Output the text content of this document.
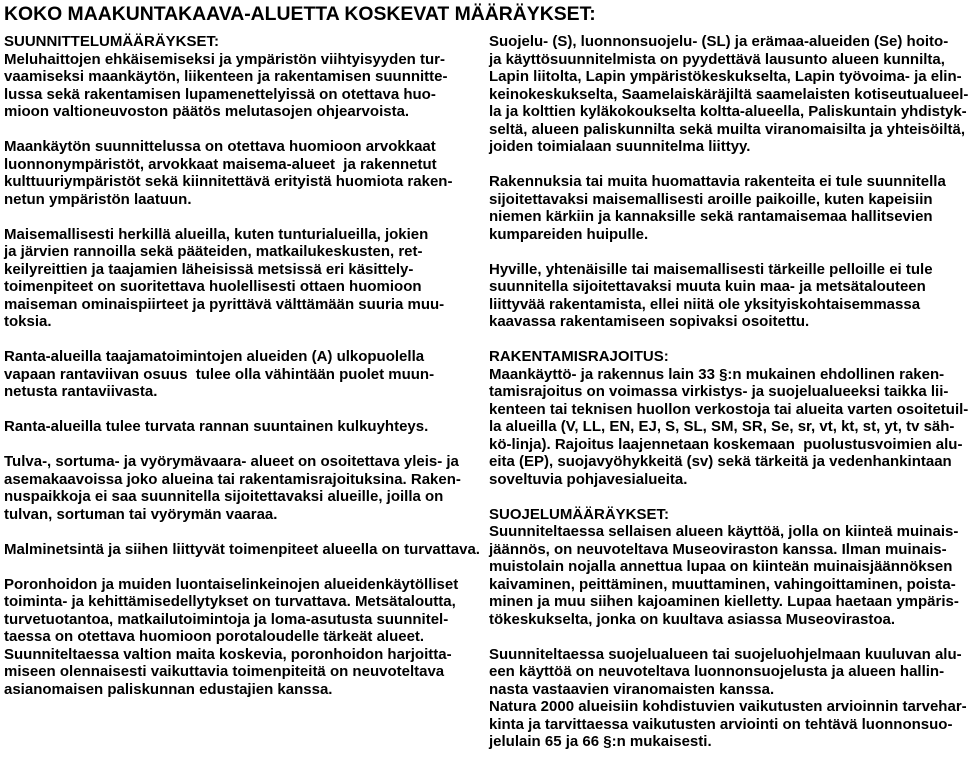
KOKO MAAKUNTAKAAVA-ALUETTA KOSKEVAT MÄÄRÄYKSET:
SUUNNITTELUMÄÄRÄYKSET:
Meluhaittojen ehkäisemiseksi ja ympäristön viihtyisyyden tur-
vaamiseksi maankäytön, liikenteen ja rakentamisen suunnitte-
lussa sekä rakentamisen lupamenettelyissä on otettava huo-
mioon valtioneuvoston päätös melutasojen ohjearvoista.
Maankäytön suunnittelussa on otettava huomioon arvokkaat
luonnonympäristöt, arvokkaat maisema-alueet  ja rakennetut
kulttuuriympäristöt sekä kiinnitettävä erityistä huomiota raken-
netun ympäristön laatuun.
Maisemallisesti herkillä alueilla, kuten tunturialueilla, jokien
ja järvien rannoilla sekä pääteiden, matkailukeskusten, ret-
keilyreittien ja taajamien läheisissä metsissä eri käsittely-
toimenpiteet on suoritettava huolellisesti ottaen huomioon
maiseman ominaispiirteet ja pyrittävä välttämään suuria muu-
toksia.
Ranta-alueilla taajamatoimintojen alueiden (A) ulkopuolella
vapaan rantaviivan osuus  tulee olla vähintään puolet muun-
netusta rantaviivasta.
Ranta-alueilla tulee turvata rannan suuntainen kulkuyhteys.
Tulva-, sortuma- ja vyörymävaara- alueet on osoitettava yleis- ja
asemakaavoissa joko alueina tai rakentamisrajoituksina. Raken-
nuspaikkoja ei saa suunnitella sijoitettavaksi alueille, joilla on
tulvan, sortuman tai vyörymän vaaraa.
Malminetsintä ja siihen liittyvät toimenpiteet alueella on turvattava.
Poronhoidon ja muiden luontaiselinkeinojen alueidenkäytölliset
toiminta- ja kehittämisedellytykset on turvattava. Metsätaloutta,
turvetuotantoa, matkailutoimintoja ja loma-asutusta suunnitel-
taessa on otettava huomioon porotaloudelle tärkeät alueet.
Suunniteltaessa valtion maita koskevia, poronhoidon harjoitta-
miseen olennaisesti vaikuttavia toimenpiteitä on neuvoteltava
asianomaisen paliskunnan edustajien kanssa.
Suojelu- (S), luonnonsuojelu- (SL) ja erämaa-alueiden (Se) hoito-
ja käyttösuunnitelmista on pyydettävä lausunto alueen kunnilta,
Lapin liitolta, Lapin ympäristökeskukselta, Lapin työvoima- ja elin-
keinokeskukselta, Saamelaiskäräjiltä saamelaisten kotiseutualueel-
la ja kolttien kyläkokoukselta koltta-alueella, Paliskuntain yhdistyk-
seltä, alueen paliskunnilta sekä muilta viranomaisilta ja yhteisöiltä,
joiden toimialaan suunnitelma liittyy.
Rakennuksia tai muita huomattavia rakenteita ei tule suunnitella
sijoitettavaksi maisemallisesti aroille paikoille, kuten kapeisiin
niemen kärkiin ja kannaksille sekä rantamaisemaa hallitsevien
kumpareiden huipulle.
Hyville, yhtenäisille tai maisemallisesti tärkeille pelloille ei tule
suunnitella sijoitettavaksi muuta kuin maa- ja metsätalouteen
liittyvää rakentamista, ellei niitä ole yksityiskohtaisemmassa
kaavassa rakentamiseen sopivaksi osoitettu.
RAKENTAMISRAJOITUS:
Maankäyttö- ja rakennus lain 33 §:n mukainen ehdollinen raken-
tamisrajoitus on voimassa virkistys- ja suojelualueeksi taikka lii-
kenteen tai teknisen huollon verkostoja tai alueita varten osoitetuil-
la alueilla (V, LL, EN, EJ, S, SL, SM, SR, Se, sr, vt, kt, st, yt, tv säh-
kö-linja). Rajoitus laajennetaan koskemaan  puolustusvoimien alu-
eita (EP), suojavyöhykkeitä (sv) sekä tärkeitä ja vedenhankintaan
soveltuvia pohjavesialueita.
SUOJELUMÄÄRÄYKSET:
Suunniteltaessa sellaisen alueen käyttöä, jolla on kiinteä muinais-
jäännös, on neuvoteltava Museoviraston kanssa. Ilman muinais-
muistolain nojalla annettua lupaa on kiinteän muinaisjäännöksen
kaivaminen, peittäminen, muuttaminen, vahingoittaminen, poista-
minen ja muu siihen kajoaminen kielletty. Lupaa haetaan ympäris-
tökeskukselta, jonka on kuultava asiassa Museovirastoa.
Suunniteltaessa suojelualueen tai suojeluohjelmaan kuuluvan alu-
een käyttöä on neuvoteltava luonnonsuojelusta ja alueen hallin-
nasta vastaavien viranomaisten kanssa.
Natura 2000 alueisiin kohdistuvien vaikutusten arvioinnin tarvehar-
kinta ja tarvittaessa vaikutusten arviointi on tehtävä luonnonsuo-
jelulain 65 ja 66 §:n mukaisesti.
